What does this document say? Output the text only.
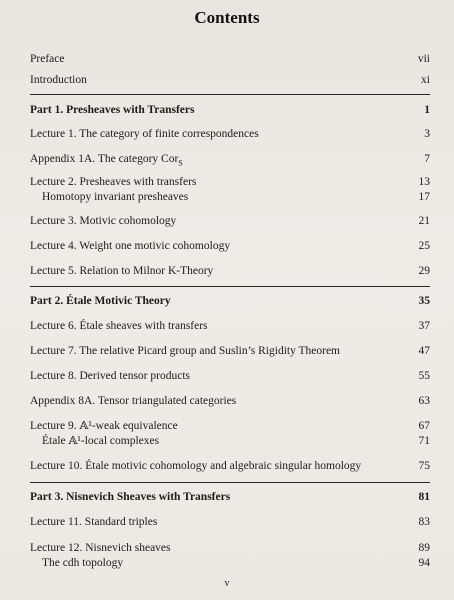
Contents
Preface	vii
Introduction	xi
Part 1. Presheaves with Transfers	1
Lecture 1. The category of finite correspondences	3
Appendix 1A. The category Cor$_S$	7
Lecture 2. Presheaves with transfers	13
Homotopy invariant presheaves	17
Lecture 3. Motivic cohomology	21
Lecture 4. Weight one motivic cohomology	25
Lecture 5. Relation to Milnor K-Theory	29
Part 2. Étale Motivic Theory	35
Lecture 6. Étale sheaves with transfers	37
Lecture 7. The relative Picard group and Suslin’s Rigidity Theorem	47
Lecture 8. Derived tensor products	55
Appendix 8A. Tensor triangulated categories	63
Lecture 9. 𝔸¹-weak equivalence	67
Étale 𝔸¹-local complexes	71
Lecture 10. Étale motivic cohomology and algebraic singular homology	75
Part 3. Nisnevich Sheaves with Transfers	81
Lecture 11. Standard triples	83
Lecture 12. Nisnevich sheaves	89
The cdh topology	94
v
